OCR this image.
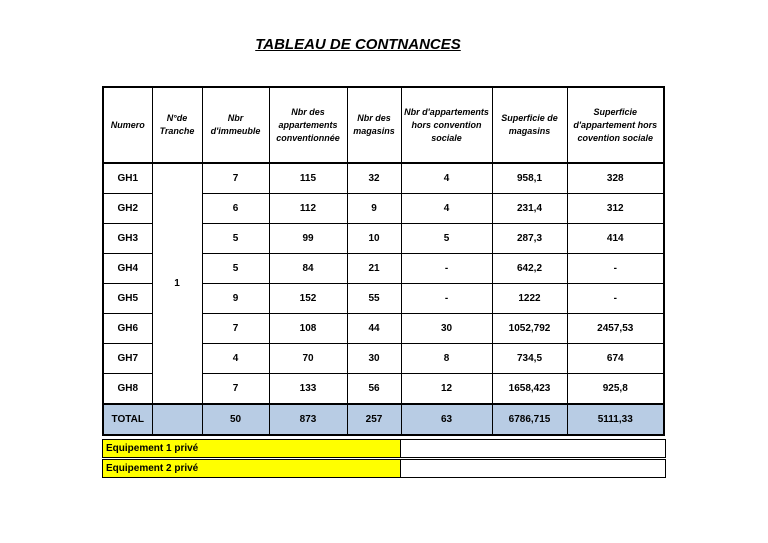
TABLEAU DE CONTNANCES
Numero	N°de Tranche	Nbr d'immeuble	Nbr des appartements conventionnée	Nbr des magasins	Nbr d'appartements hors convention sociale	Superficie de magasins	Superficie d'appartement hors covention sociale
GH1	1	7	115	32	4	958,1	328
GH2		6	112	9	4	231,4	312
GH3		5	99	10	5	287,3	414
GH4		5	84	21	-	642,2	-
GH5		9	152	55	-	1222	-
GH6		7	108	44	30	1052,792	2457,53
GH7		4	70	30	8	734,5	674
GH8		7	133	56	12	1658,423	925,8
TOTAL		50	873	257	63	6786,715	5111,33
Equipement 1 privé	

Equipement 2 privé	
